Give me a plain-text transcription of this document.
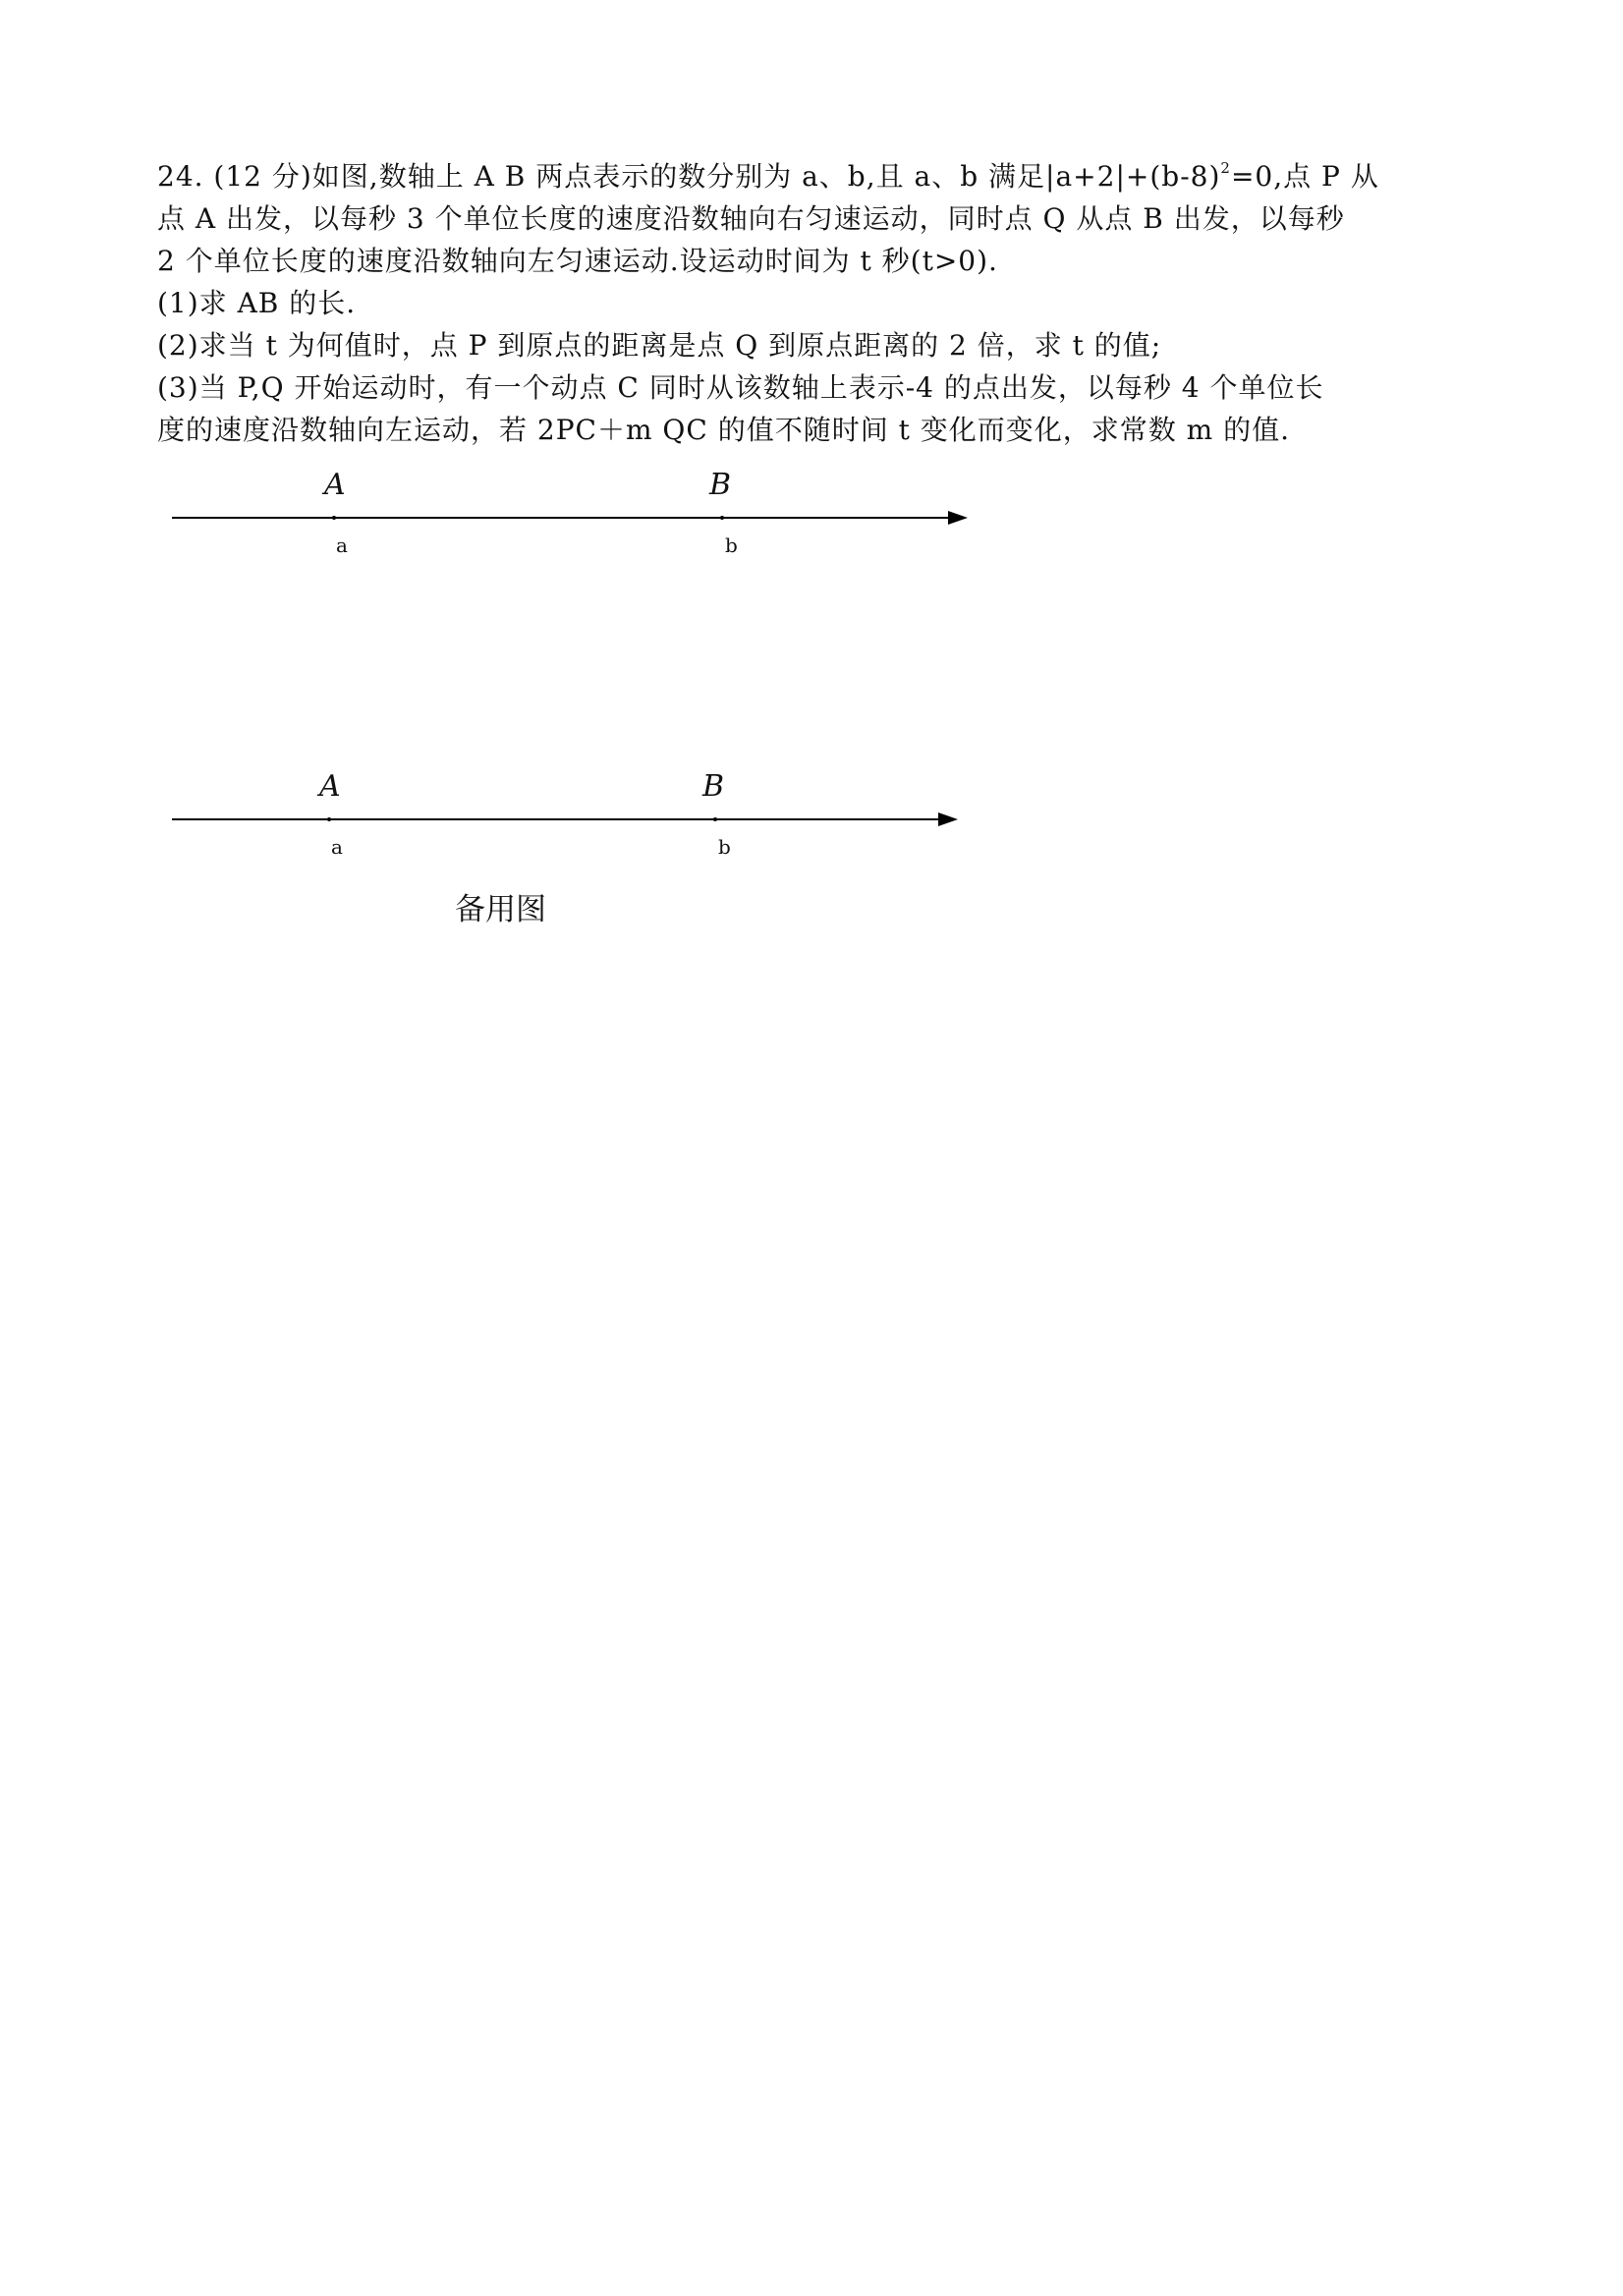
24. (12 分)如图,数轴上 A B 两点表示的数分别为 a、b,且 a、b 满足$|a+2|+(b-8)^2=0$,点 P 从

点 A 出发，以每秒 3 个单位长度的速度沿数轴向右匀速运动，同时点 Q 从点 B 出发，以每秒

2 个单位长度的速度沿数轴向左匀速运动.设运动时间为 t 秒(t>0).

(1)求 AB 的长.

(2)求当 t 为何值时，点 P 到原点的距离是点 Q 到原点距离的 2 倍，求 t 的值;

(3)当 P,Q 开始运动时，有一个动点 C 同时从该数轴上表示-4 的点出发，以每秒 4 个单位长

度的速度沿数轴向左运动，若 2PC＋m QC 的值不随时间 t 变化而变化，求常数 m 的值.

A	B
a	b
A	B
a	b
备用图
